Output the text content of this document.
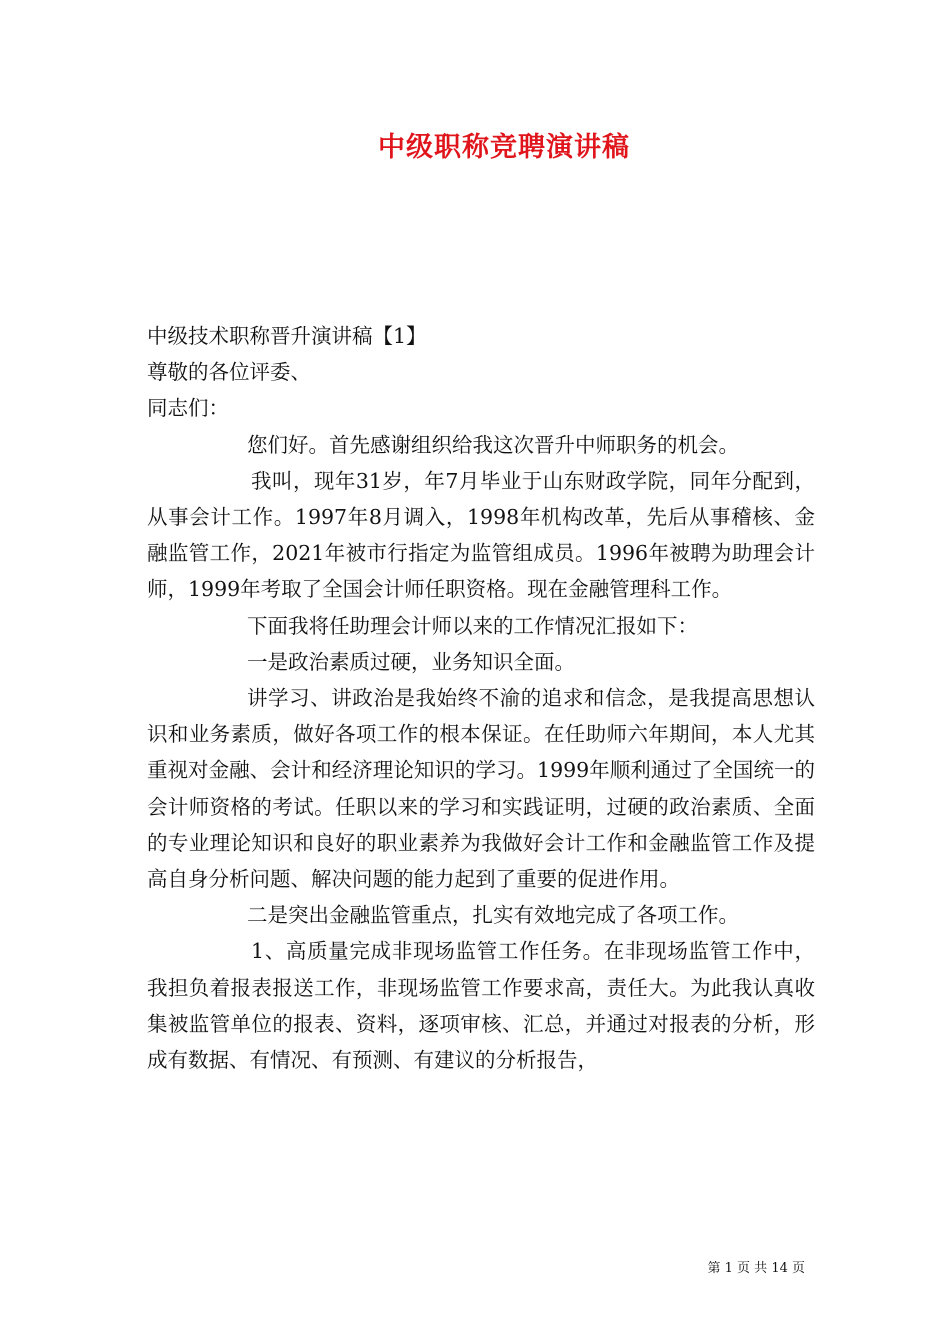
中级职称竞聘演讲稿

中级技术职称晋升演讲稿【1】

尊敬的各位评委、

同志们：

您们好。首先感谢组织给我这次晋升中师职务的机会。

我叫，现年31岁，年7月毕业于山东财政学院，同年分配到，从事会计工作。1997年8月调入，1998年机构改革，先后从事稽核、金融监管工作，2021年被市行指定为监管组成员。1996年被聘为助理会计师，1999年考取了全国会计师任职资格。现在金融管理科工作。

下面我将任助理会计师以来的工作情况汇报如下：

一是政治素质过硬，业务知识全面。

讲学习、讲政治是我始终不渝的追求和信念，是我提高思想认识和业务素质，做好各项工作的根本保证。在任助师六年期间，本人尤其重视对金融、会计和经济理论知识的学习。1999年顺利通过了全国统一的会计师资格的考试。任职以来的学习和实践证明，过硬的政治素质、全面的专业理论知识和良好的职业素养为我做好会计工作和金融监管工作及提高自身分析问题、解决问题的能力起到了重要的促进作用。

二是突出金融监管重点，扎实有效地完成了各项工作。

1、高质量完成非现场监管工作任务。在非现场监管工作中，我担负着报表报送工作，非现场监管工作要求高，责任大。为此我认真收集被监管单位的报表、资料，逐项审核、汇总，并通过对报表的分析，形成有数据、有情况、有预测、有建议的分析报告，

第 1 页 共 14 页
